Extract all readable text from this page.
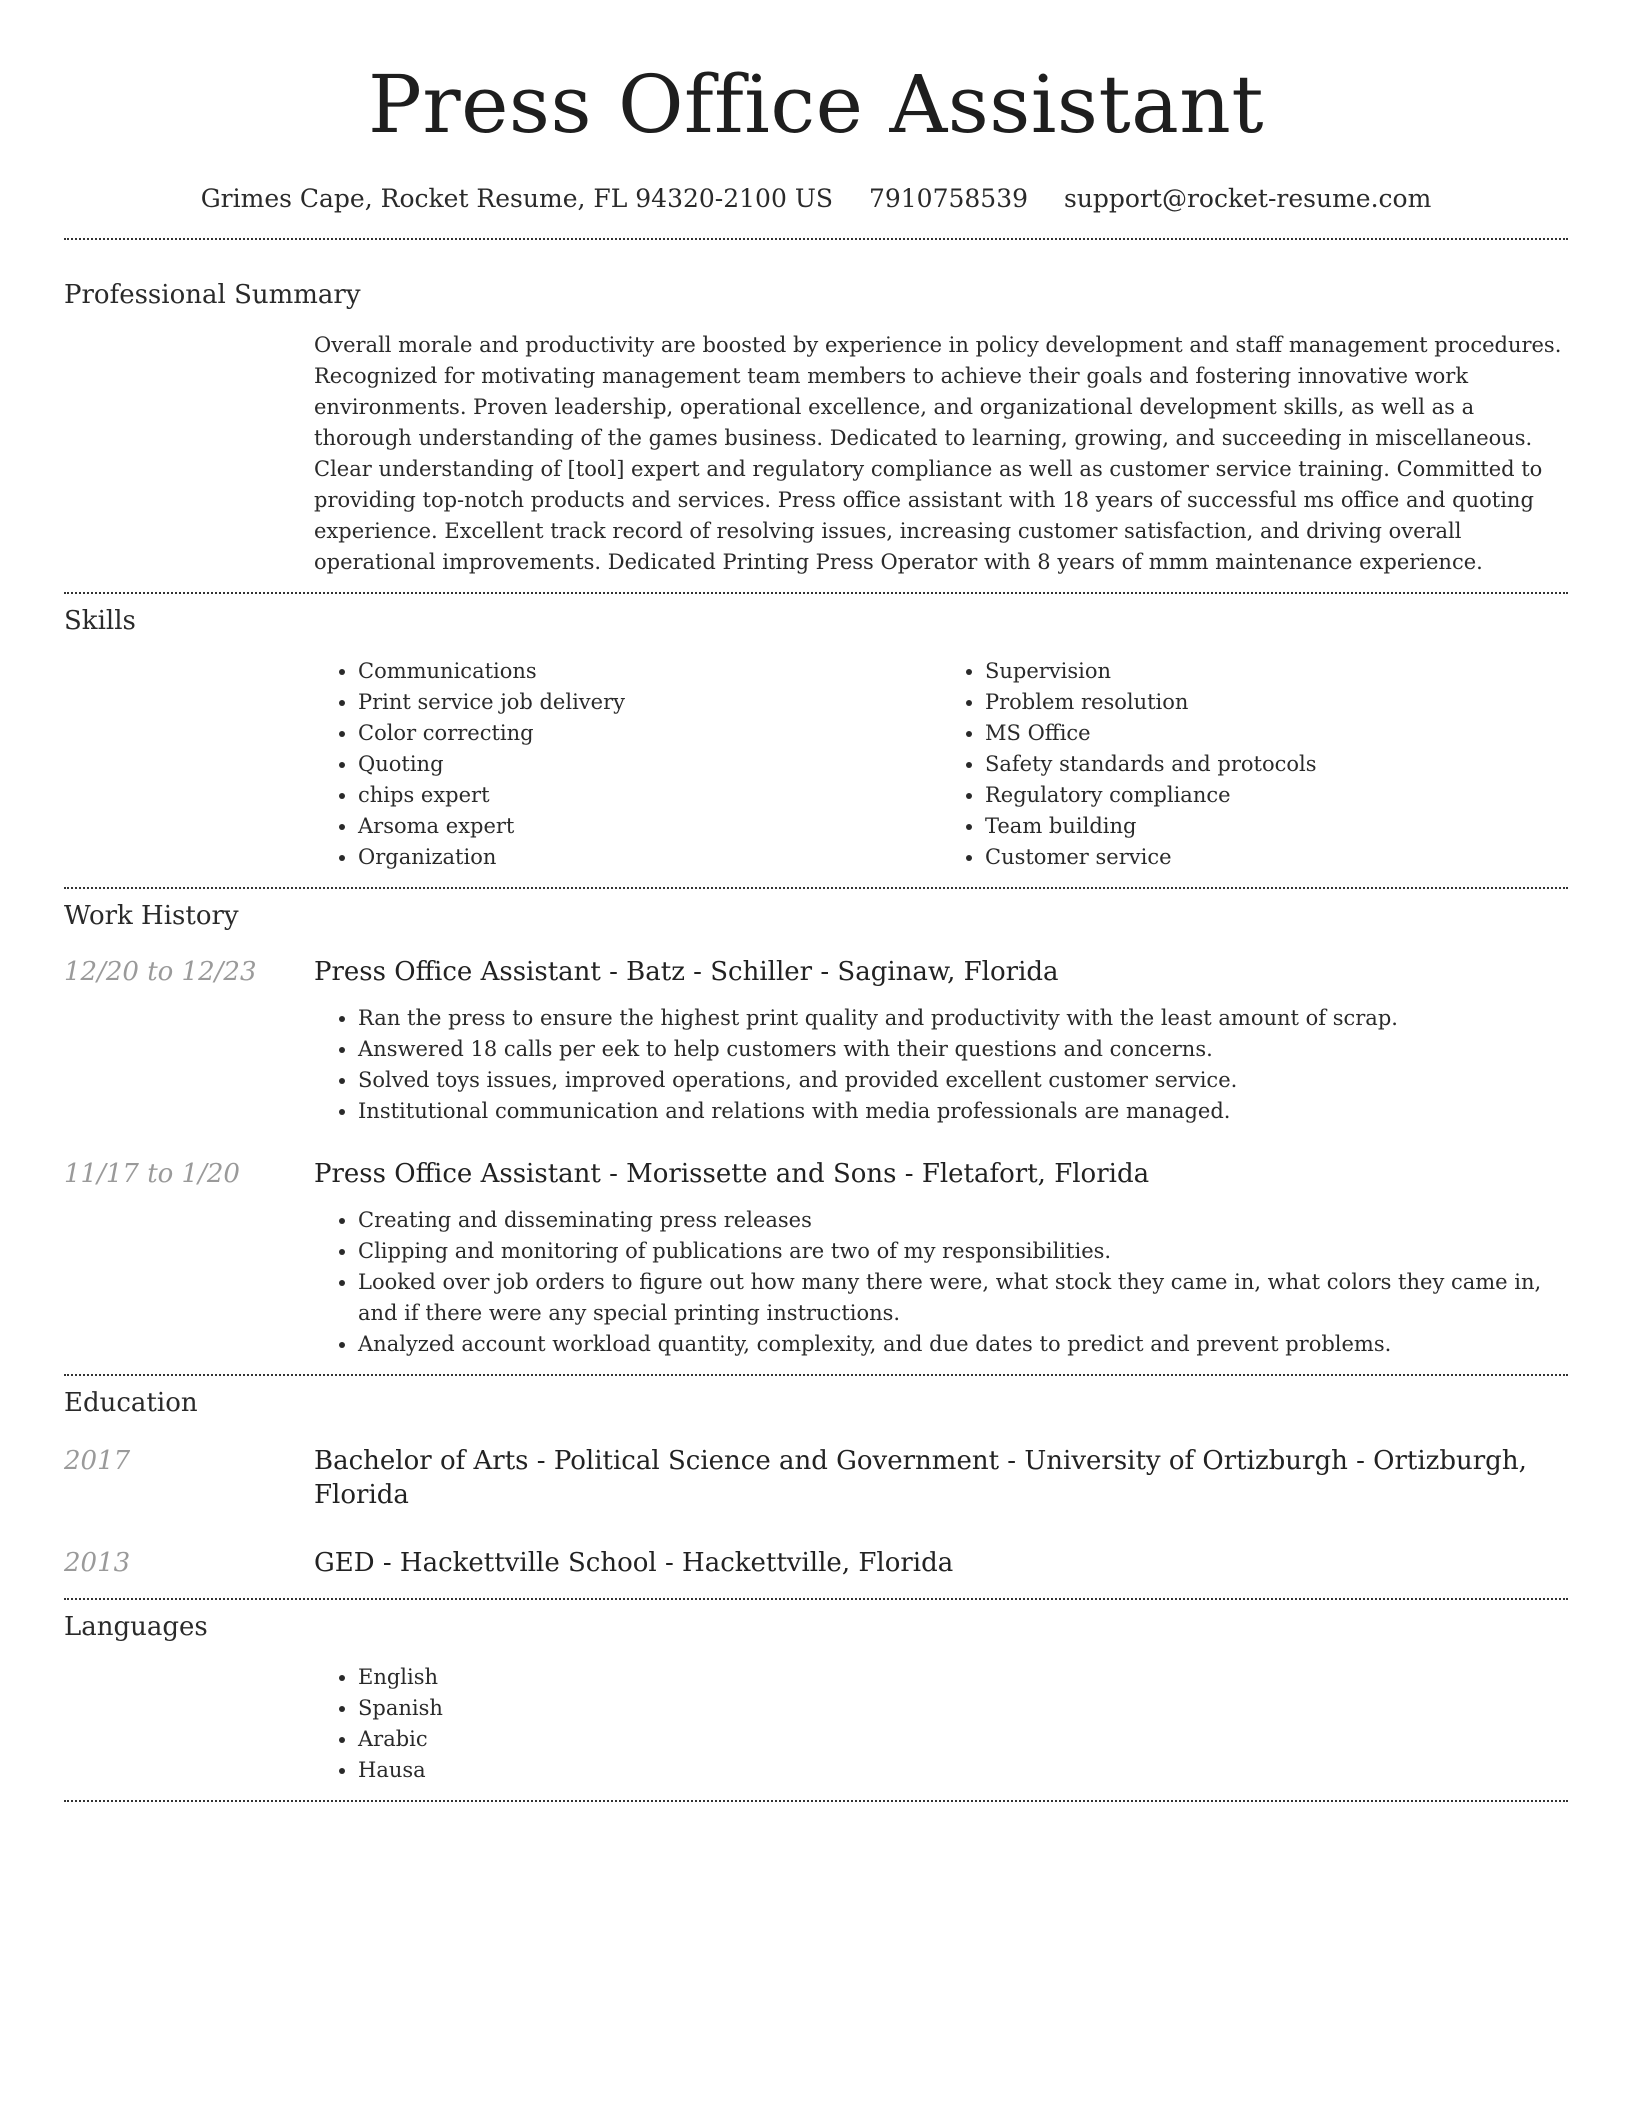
Press Office Assistant
Grimes Cape, Rocket Resume, FL 94320-2100 US 7910758539 support@rocket-resume.com
Professional Summary
Overall morale and productivity are boosted by experience in policy development and staff management procedures. Recognized for motivating management team members to achieve their goals and fostering innovative work environments. Proven leadership, operational excellence, and organizational development skills, as well as a thorough understanding of the games business. Dedicated to learning, growing, and succeeding in miscellaneous. Clear understanding of [tool] expert and regulatory compliance as well as customer service training. Committed to providing top-notch products and services. Press office assistant with 18 years of successful ms office and quoting experience. Excellent track record of resolving issues, increasing customer satisfaction, and driving overall operational improvements. Dedicated Printing Press Operator with 8 years of mmm maintenance experience.
Skills
• Communications
• Print service job delivery
• Color correcting
• Quoting
• chips expert
• Arsoma expert
• Organization
• Supervision
• Problem resolution
• MS Office
• Safety standards and protocols
• Regulatory compliance
• Team building
• Customer service
Work History
12/20 to 12/23	Press Office Assistant - Batz - Schiller - Saginaw, Florida
• Ran the press to ensure the highest print quality and productivity with the least amount of scrap.
• Answered 18 calls per eek to help customers with their questions and concerns.
• Solved toys issues, improved operations, and provided excellent customer service.
• Institutional communication and relations with media professionals are managed.
11/17 to 1/20	Press Office Assistant - Morissette and Sons - Fletafort, Florida
• Creating and disseminating press releases
• Clipping and monitoring of publications are two of my responsibilities.
• Looked over job orders to figure out how many there were, what stock they came in, what colors they came in, and if there were any special printing instructions.
• Analyzed account workload quantity, complexity, and due dates to predict and prevent problems.
Education
2017	Bachelor of Arts - Political Science and Government - University of Ortizburgh - Ortizburgh, Florida
2013	GED - Hackettville School - Hackettville, Florida
Languages
• English
• Spanish
• Arabic
• Hausa
